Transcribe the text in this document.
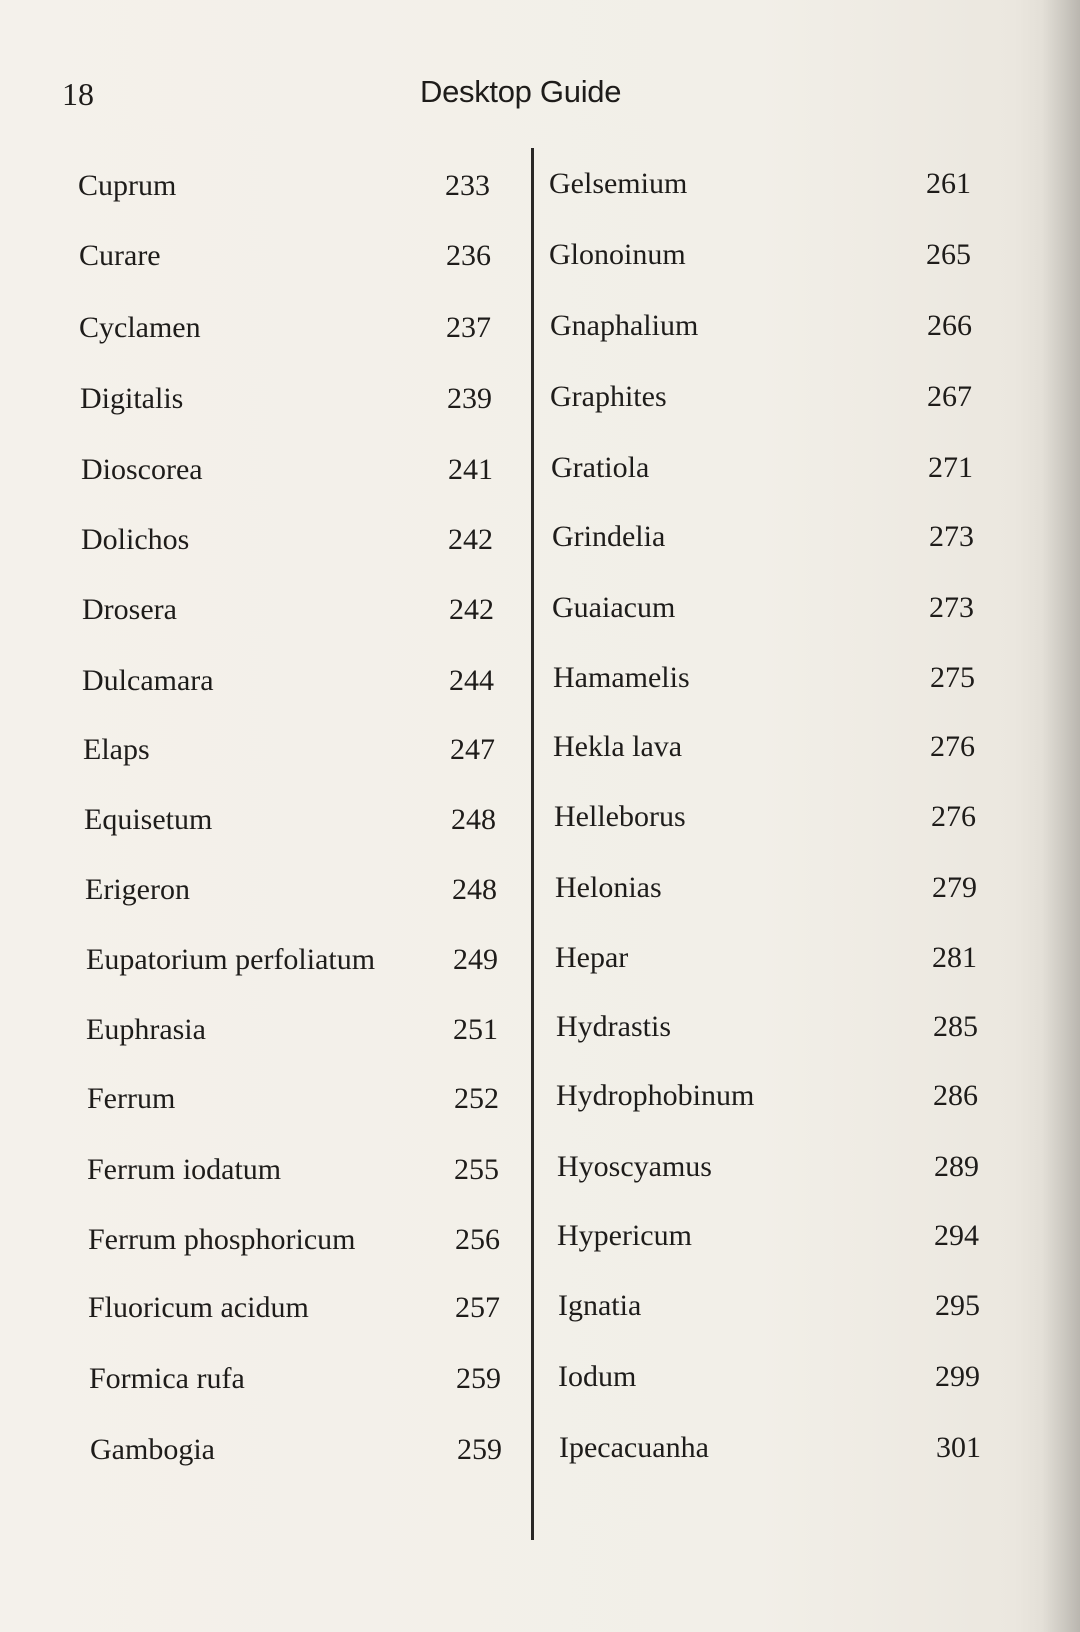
18	Desktop Guide
Cuprum	233
Curare	236
Cyclamen	237
Digitalis	239
Dioscorea	241
Dolichos	242
Drosera	242
Dulcamara	244
Elaps	247
Equisetum	248
Erigeron	248
Eupatorium perfoliatum	249
Euphrasia	251
Ferrum	252
Ferrum iodatum	255
Ferrum phosphoricum	256
Fluoricum acidum	257
Formica rufa	259
Gambogia	259
Gelsemium	261
Glonoinum	265
Gnaphalium	266
Graphites	267
Gratiola	271
Grindelia	273
Guaiacum	273
Hamamelis	275
Hekla lava	276
Helleborus	276
Helonias	279
Hepar	281
Hydrastis	285
Hydrophobinum	286
Hyoscyamus	289
Hypericum	294
Ignatia	295
Iodum	299
Ipecacuanha	301
